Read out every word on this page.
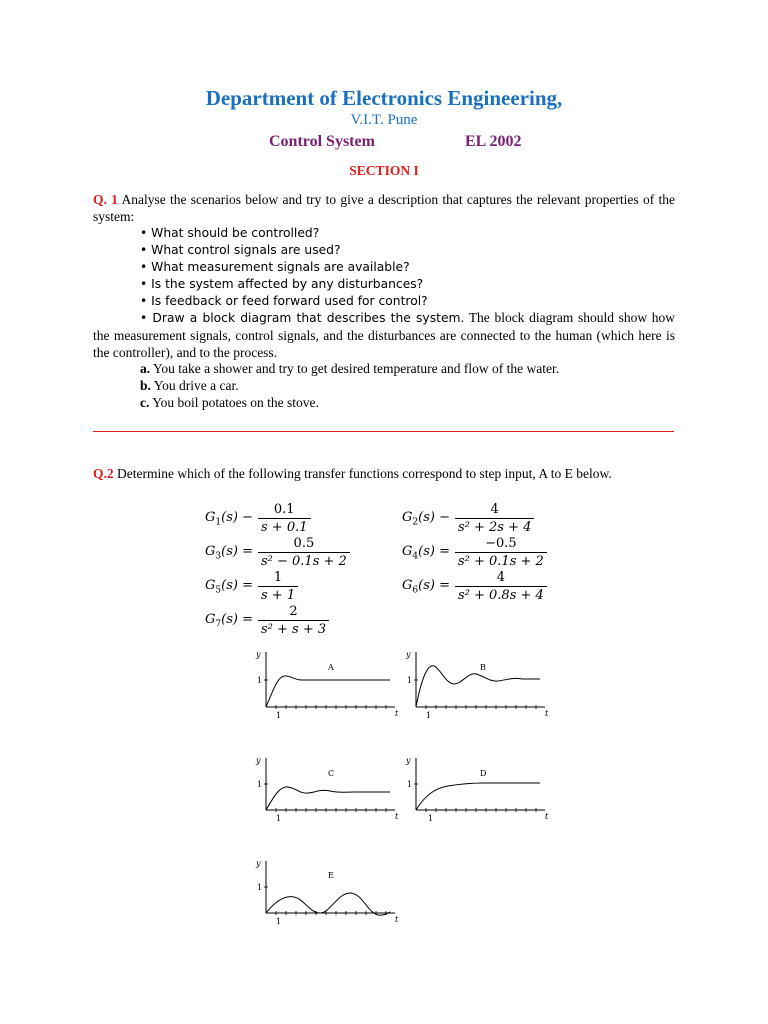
Department of Electronics Engineering,
V.I.T. Pune
Control System	EL 2002
SECTION I
Q. 1 Analyse the scenarios below and try to give a description that captures the relevant properties of the system:
• What should be controlled?
• What control signals are used?
• What measurement signals are available?
• Is the system affected by any disturbances?
• Is feedback or feed forward used for control?
• Draw a block diagram that describes the system. The block diagram should show how the measurement signals, control signals, and the disturbances are connected to the human (which here is the controller), and to the process.
a. You take a shower and try to get desired temperature and flow of the water.
b. You drive a car.
c. You boil potatoes on the stove.
Q.2 Determine which of the following transfer functions correspond to step input, A to E below.
$G_1(s) - \frac{0.1}{s + 0.1}$	$G_2(s) - \frac{4}{\text{s² + 2s + 4}}$
$G_3(s) = \frac{0.5}{\text{s² − 0.1s + 2}}$	$G_4(s) = \frac{-0.5}{\text{s² + 0.1s + 2}}$
$G_5(s) = \frac{1}{s + 1}$	$G_6(s) = \frac{4}{\text{s² + 0.8s + 4}}$
$G_7(s) = \frac{2}{\text{s² + s + 3}}$
y
1
1	t
A
y
1
1	t
B
y
1
1	t
C
y
1
1	t
D
y
1
1	t
E
